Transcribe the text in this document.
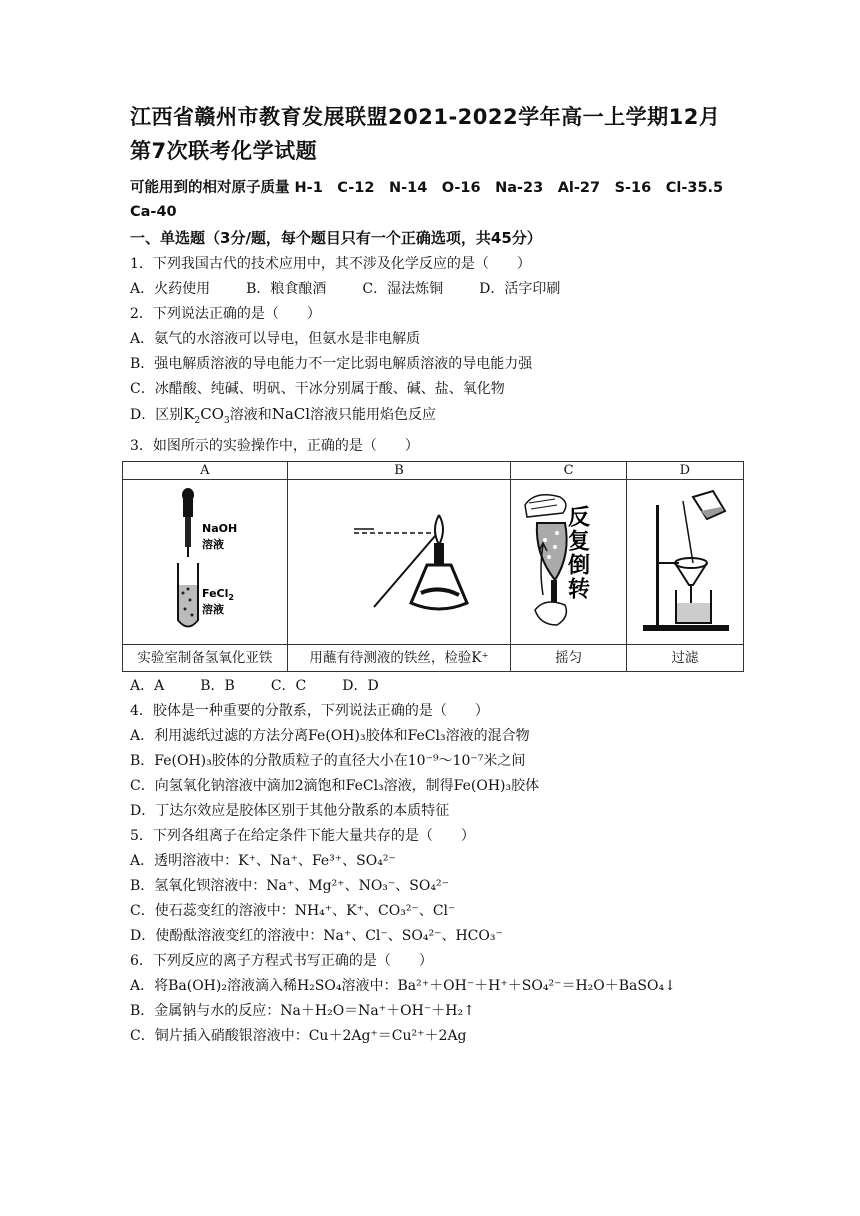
江西省赣州市教育发展联盟2021-2022学年高一上学期12月第7次联考化学试题
可能用到的相对原子质量 H-1　C-12　N-14　O-16　Na-23　Al-27　S-16　Cl-35.5　Ca-40
一、单选题（3分/题，每个题目只有一个正确选项，共45分）
1．下列我国古代的技术应用中，其不涉及化学反应的是（　　）
A．火药使用	B．粮食酿酒	C．湿法炼铜	D．活字印刷
2．下列说法正确的是（　　）
A．氨气的水溶液可以导电，但氨水是非电解质
B．强电解质溶液的导电能力不一定比弱电解质溶液的导电能力强
C．冰醋酸、纯碱、明矾、干冰分别属于酸、碱、盐、氧化物
D．区别$K_2CO_3$溶液和NaCl溶液只能用焰色反应
3．如图所示的实验操作中，正确的是（　　）
A	B	C	D

NaOH
溶液
FeCl$_2$
溶液		反复倒转

实验室制备氢氧化亚铁	用蘸有待测液的铁丝，检验K⁺	摇匀	过滤
A．A	B．B	C．C	D．D
4．胶体是一种重要的分散系，下列说法正确的是（　　）
A．利用滤纸过滤的方法分离Fe(OH)₃胶体和FeCl₃溶液的混合物
B．Fe(OH)₃胶体的分散质粒子的直径大小在10⁻⁹～10⁻⁷米之间
C．向氢氧化钠溶液中滴加2滴饱和FeCl₃溶液，制得Fe(OH)₃胶体
D．丁达尔效应是胶体区别于其他分散系的本质特征
5．下列各组离子在给定条件下能大量共存的是（　　）
A．透明溶液中：K⁺、Na⁺、Fe³⁺、SO₄²⁻
B．氢氧化钡溶液中：Na⁺、Mg²⁺、NO₃⁻、SO₄²⁻
C．使石蕊变红的溶液中：NH₄⁺、K⁺、CO₃²⁻、Cl⁻
D．使酚酞溶液变红的溶液中：Na⁺、Cl⁻、SO₄²⁻、HCO₃⁻
6．下列反应的离子方程式书写正确的是（　　）
A．将Ba(OH)₂溶液滴入稀H₂SO₄溶液中：Ba²⁺＋OH⁻＋H⁺＋SO₄²⁻＝H₂O＋BaSO₄↓
B．金属钠与水的反应：Na＋H₂O＝Na⁺＋OH⁻＋H₂↑
C．铜片插入硝酸银溶液中：Cu＋2Ag⁺＝Cu²⁺＋2Ag
